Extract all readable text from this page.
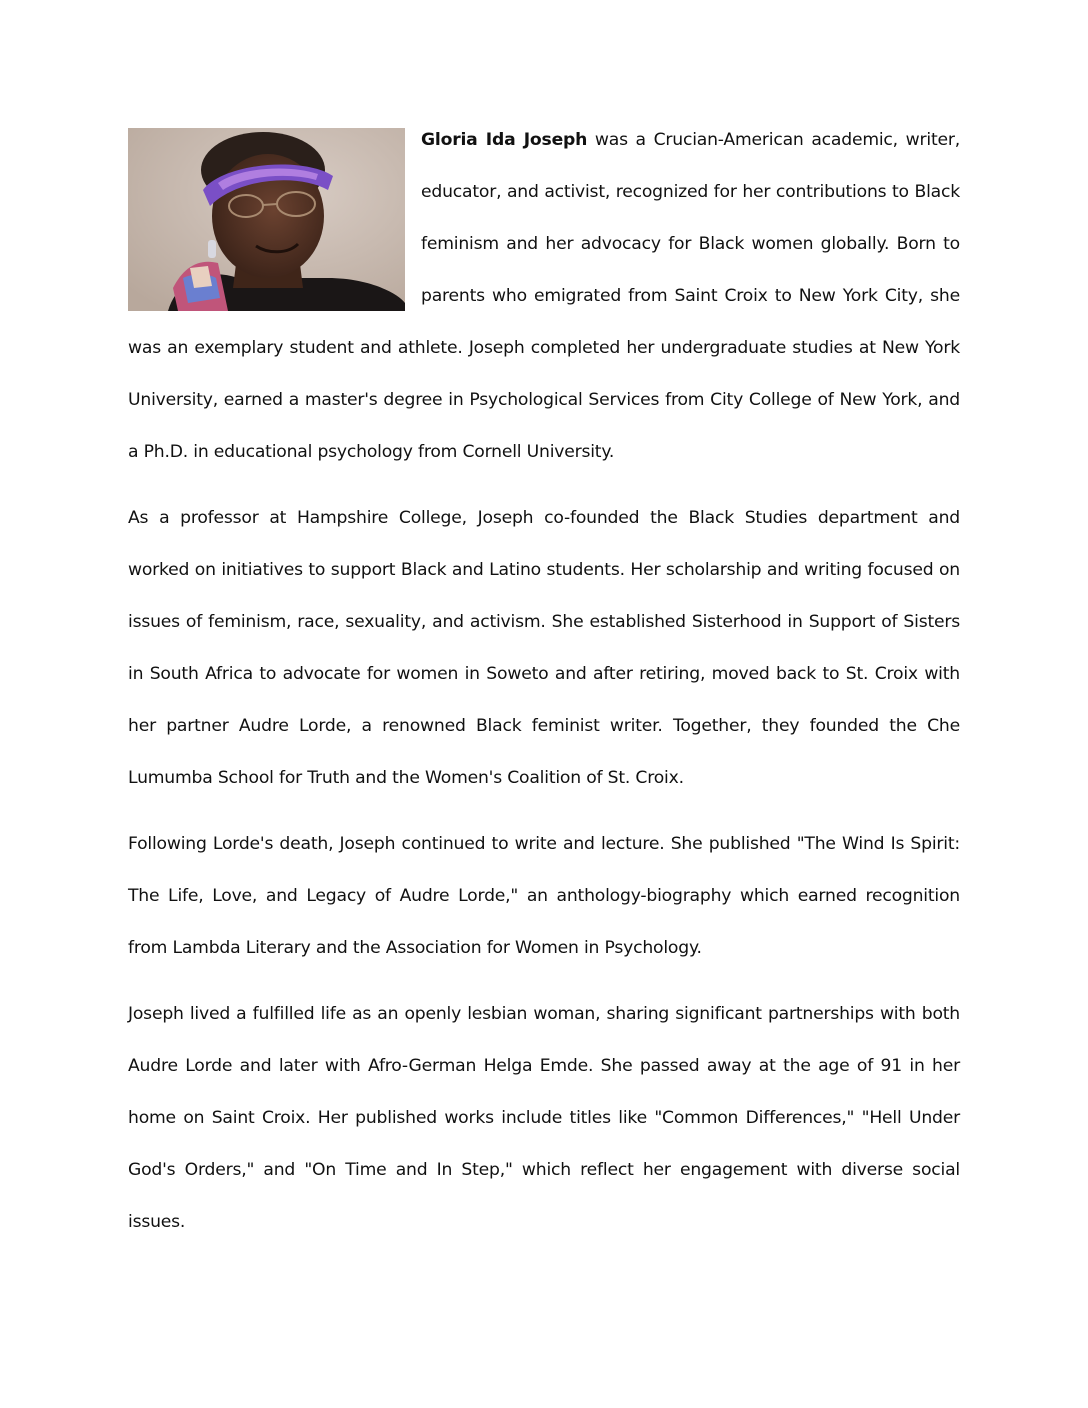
Gloria Ida Joseph was a Crucian-American academic, writer, educator, and activist, recognized for her contributions to Black feminism and her advocacy for Black women globally. Born to parents who emigrated from Saint Croix to New York City, she was an exemplary student and athlete. Joseph completed her undergraduate studies at New York University, earned a master's degree in Psychological Services from City College of New York, and a Ph.D. in educational psychology from Cornell University.

As a professor at Hampshire College, Joseph co-founded the Black Studies department and worked on initiatives to support Black and Latino students. Her scholarship and writing focused on issues of feminism, race, sexuality, and activism. She established Sisterhood in Support of Sisters in South Africa to advocate for women in Soweto and after retiring, moved back to St. Croix with her partner Audre Lorde, a renowned Black feminist writer. Together, they founded the Che Lumumba School for Truth and the Women's Coalition of St. Croix.

Following Lorde's death, Joseph continued to write and lecture. She published "The Wind Is Spirit: The Life, Love, and Legacy of Audre Lorde," an anthology-biography which earned recognition from Lambda Literary and the Association for Women in Psychology.

Joseph lived a fulfilled life as an openly lesbian woman, sharing significant partnerships with both Audre Lorde and later with Afro-German Helga Emde. She passed away at the age of 91 in her home on Saint Croix. Her published works include titles like "Common Differences," "Hell Under God's Orders," and "On Time and In Step," which reflect her engagement with diverse social issues.
